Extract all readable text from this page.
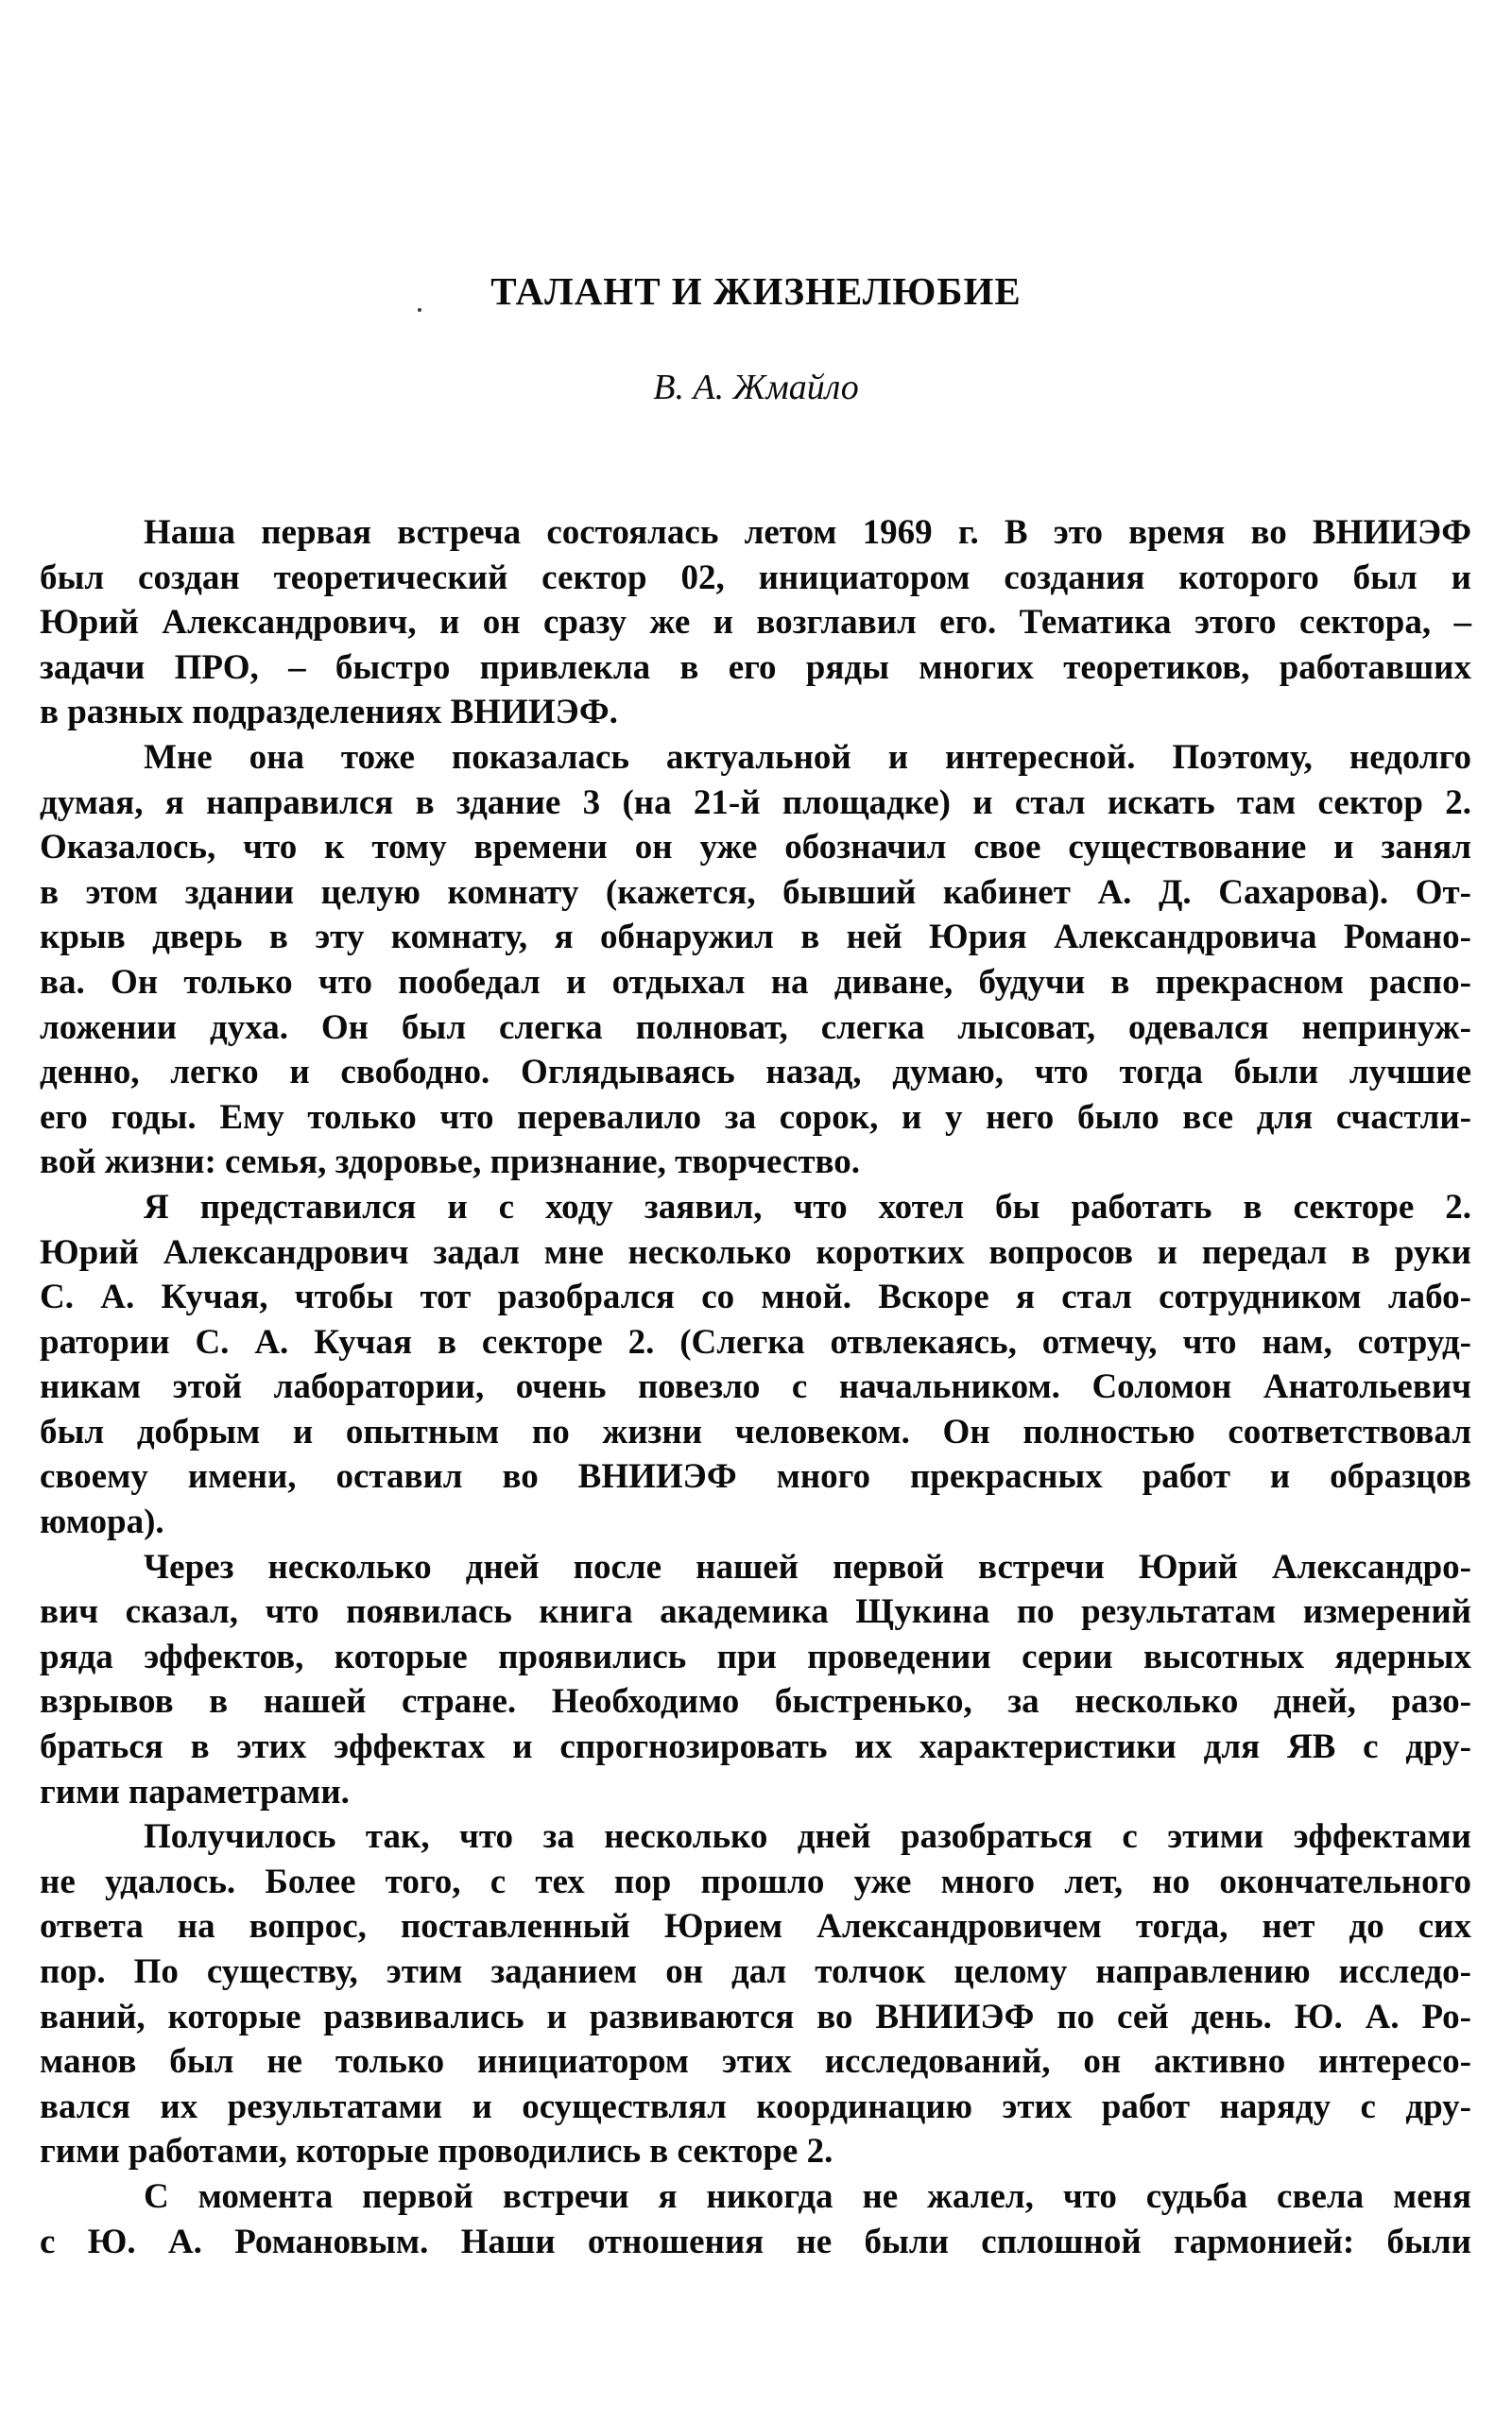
ТАЛАНТ И ЖИЗНЕЛЮБИЕ

В. А. Жмайло

Наша первая встреча состоялась летом 1969 г. В это время во ВНИИЭФ
был создан теоретический сектор 02, инициатором создания которого был и
Юрий Александрович, и он сразу же и возглавил его. Тематика этого сектора, –
задачи ПРО, – быстро привлекла в его ряды многих теоретиков, работавших
в разных подразделениях ВНИИЭФ.
Мне она тоже показалась актуальной и интересной. Поэтому, недолго
думая, я направился в здание 3 (на 21-й площадке) и стал искать там сектор 2.
Оказалось, что к тому времени он уже обозначил свое существование и занял
в этом здании целую комнату (кажется, бывший кабинет А. Д. Сахарова). От-
крыв дверь в эту комнату, я обнаружил в ней Юрия Александровича Романо-
ва. Он только что пообедал и отдыхал на диване, будучи в прекрасном распо-
ложении духа. Он был слегка полноват, слегка лысоват, одевался непринуж-
денно, легко и свободно. Оглядываясь назад, думаю, что тогда были лучшие
его годы. Ему только что перевалило за сорок, и у него было все для счастли-
вой жизни: семья, здоровье, признание, творчество.
Я представился и с ходу заявил, что хотел бы работать в секторе 2.
Юрий Александрович задал мне несколько коротких вопросов и передал в руки
С. А. Кучая, чтобы тот разобрался со мной. Вскоре я стал сотрудником лабо-
ратории С. А. Кучая в секторе 2. (Слегка отвлекаясь, отмечу, что нам, сотруд-
никам этой лаборатории, очень повезло с начальником. Соломон Анатольевич
был добрым и опытным по жизни человеком. Он полностью соответствовал
своему имени, оставил во ВНИИЭФ много прекрасных работ и образцов
юмора).
Через несколько дней после нашей первой встречи Юрий Александро-
вич сказал, что появилась книга академика Щукина по результатам измерений
ряда эффектов, которые проявились при проведении серии высотных ядерных
взрывов в нашей стране. Необходимо быстренько, за несколько дней, разо-
браться в этих эффектах и спрогнозировать их характеристики для ЯВ с дру-
гими параметрами.
Получилось так, что за несколько дней разобраться с этими эффектами
не удалось. Более того, с тех пор прошло уже много лет, но окончательного
ответа на вопрос, поставленный Юрием Александровичем тогда, нет до сих
пор. По существу, этим заданием он дал толчок целому направлению исследо-
ваний, которые развивались и развиваются во ВНИИЭФ по сей день. Ю. А. Ро-
манов был не только инициатором этих исследований, он активно интересо-
вался их результатами и осуществлял координацию этих работ наряду с дру-
гими работами, которые проводились в секторе 2.
С момента первой встречи я никогда не жалел, что судьба свела меня
с Ю. А. Романовым. Наши отношения не были сплошной гармонией: были
